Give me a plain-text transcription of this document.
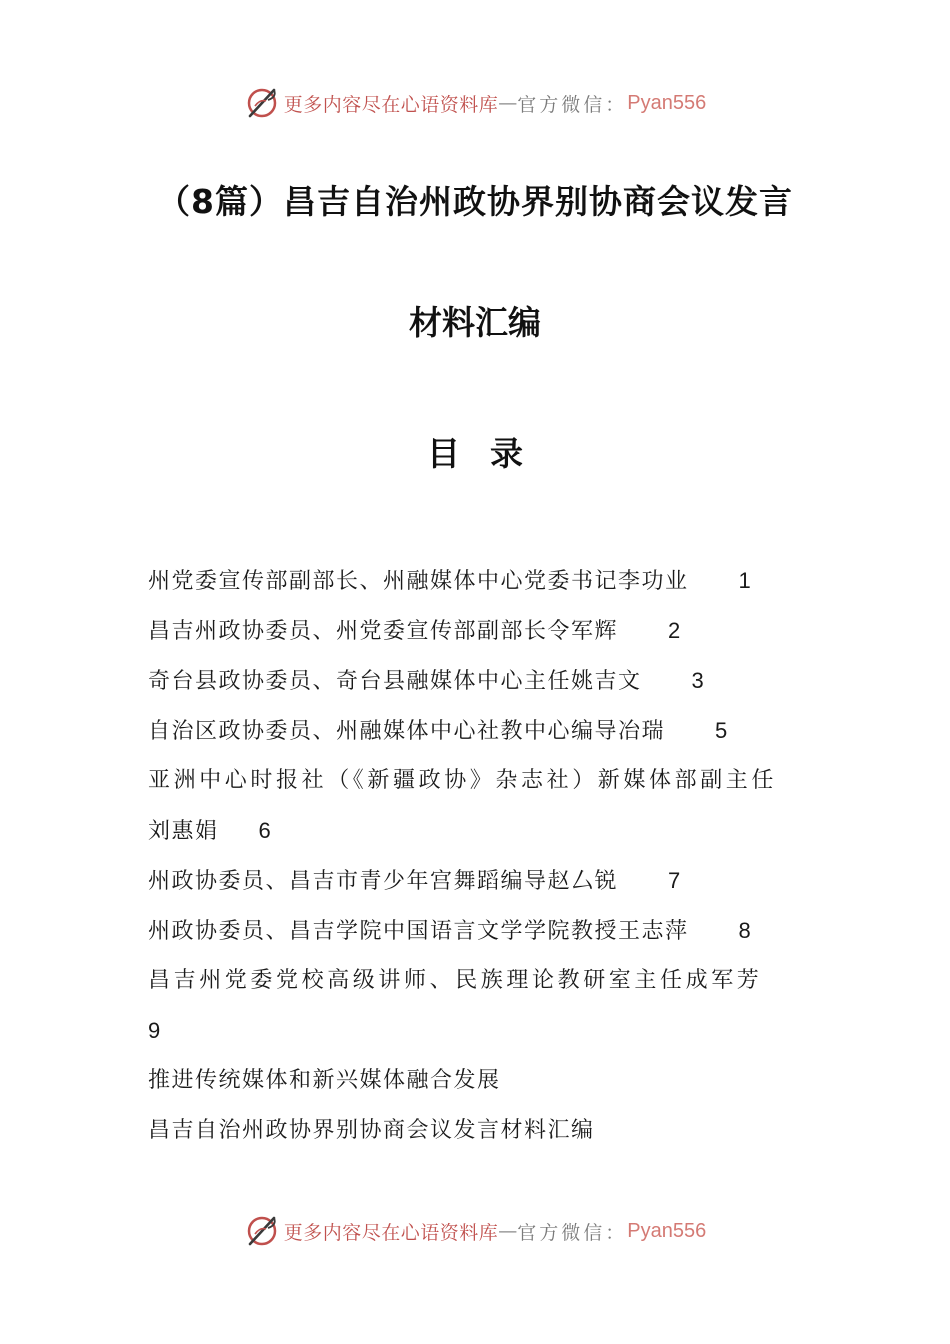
更多内容尽在心语资料库 — 官方微信： Pyan556
（8篇）昌吉自治州政协界别协商会议发言
材料汇编
目录
州党委宣传部副部长、州融媒体中心党委书记李功业 1
昌吉州政协委员、州党委宣传部副部长令军辉 2
奇台县政协委员、奇台县融媒体中心主任姚吉文 3
自治区政协委员、州融媒体中心社教中心编导冶瑞 5
亚洲中心时报社（《新疆政协》杂志社）新媒体部副主任
刘惠娟 6
州政协委员、昌吉市青少年宫舞蹈编导赵厶锐 7
州政协委员、昌吉学院中国语言文学学院教授王志萍 8
昌吉州党委党校高级讲师、民族理论教研室主任成军芳
9
推进传统媒体和新兴媒体融合发展
昌吉自治州政协界别协商会议发言材料汇编
更多内容尽在心语资料库 — 官方微信： Pyan556
